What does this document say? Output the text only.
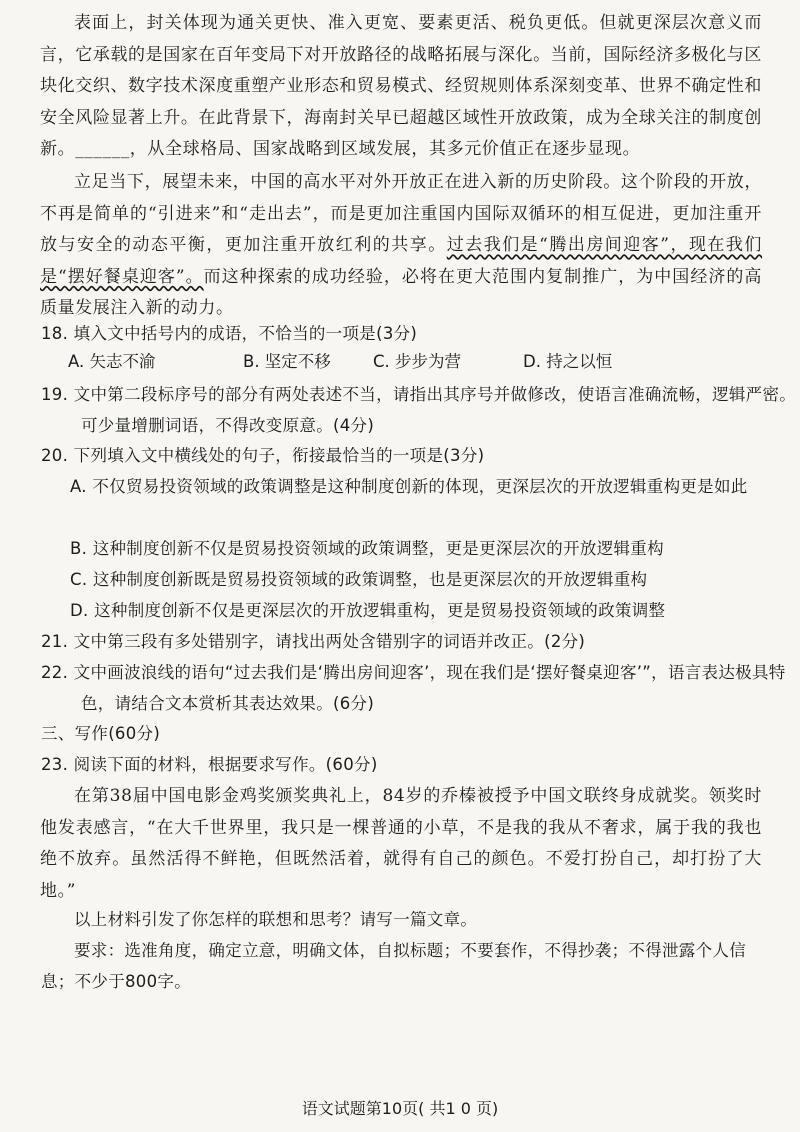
表面上，封关体现为通关更快、准入更宽、要素更活、税负更低。但就更深层次意义而言，它承载的是国家在百年变局下对开放路径的战略拓展与深化。当前，国际经济多极化与区块化交织、数字技术深度重塑产业形态和贸易模式、经贸规则体系深刻变革、世界不确定性和安全风险显著上升。在此背景下，海南封关早已超越区域性开放政策，成为全球关注的制度创新。______，从全球格局、国家战略到区域发展，其多元价值正在逐步显现。

立足当下，展望未来，中国的高水平对外开放正在进入新的历史阶段。这个阶段的开放，不再是简单的“引进来”和“走出去”，而是更加注重国内国际双循环的相互促进，更加注重开放与安全的动态平衡，更加注重开放红利的共享。过去我们是“腾出房间迎客”，现在我们是“摆好餐桌迎客”。而这种探索的成功经验，必将在更大范围内复制推广，为中国经济的高质量发展注入新的动力。

18. 填入文中括号内的成语，不恰当的一项是(3分)

A. 矢志不渝	B. 坚定不移	C. 步步为营	D. 持之以恒

19. 文中第二段标序号的部分有两处表述不当，请指出其序号并做修改，使语言准确流畅，逻辑严密。可少量增删词语，不得改变原意。(4分)

20. 下列填入文中横线处的句子，衔接最恰当的一项是(3分)

A. 不仅贸易投资领域的政策调整是这种制度创新的体现，更深层次的开放逻辑重构更是如此

B. 这种制度创新不仅是贸易投资领域的政策调整，更是更深层次的开放逻辑重构

C. 这种制度创新既是贸易投资领域的政策调整，也是更深层次的开放逻辑重构

D. 这种制度创新不仅是更深层次的开放逻辑重构，更是贸易投资领域的政策调整

21. 文中第三段有多处错别字，请找出两处含错别字的词语并改正。(2分)

22. 文中画波浪线的语句“过去我们是‘腾出房间迎客’，现在我们是‘摆好餐桌迎客’”，语言表达极具特色，请结合文本赏析其表达效果。(6分)

三、写作(60分)

23. 阅读下面的材料，根据要求写作。(60分)

在第38届中国电影金鸡奖颁奖典礼上，84岁的乔榛被授予中国文联终身成就奖。领奖时他发表感言，“在大千世界里，我只是一棵普通的小草，不是我的我从不奢求，属于我的我也绝不放弃。虽然活得不鲜艳，但既然活着，就得有自己的颜色。不爱打扮自己，却打扮了大地。”

以上材料引发了你怎样的联想和思考？请写一篇文章。

要求：选准角度，确定立意，明确文体，自拟标题；不要套作，不得抄袭；不得泄露个人信息；不少于800字。

语文试题第10页( 共1 0 页)
